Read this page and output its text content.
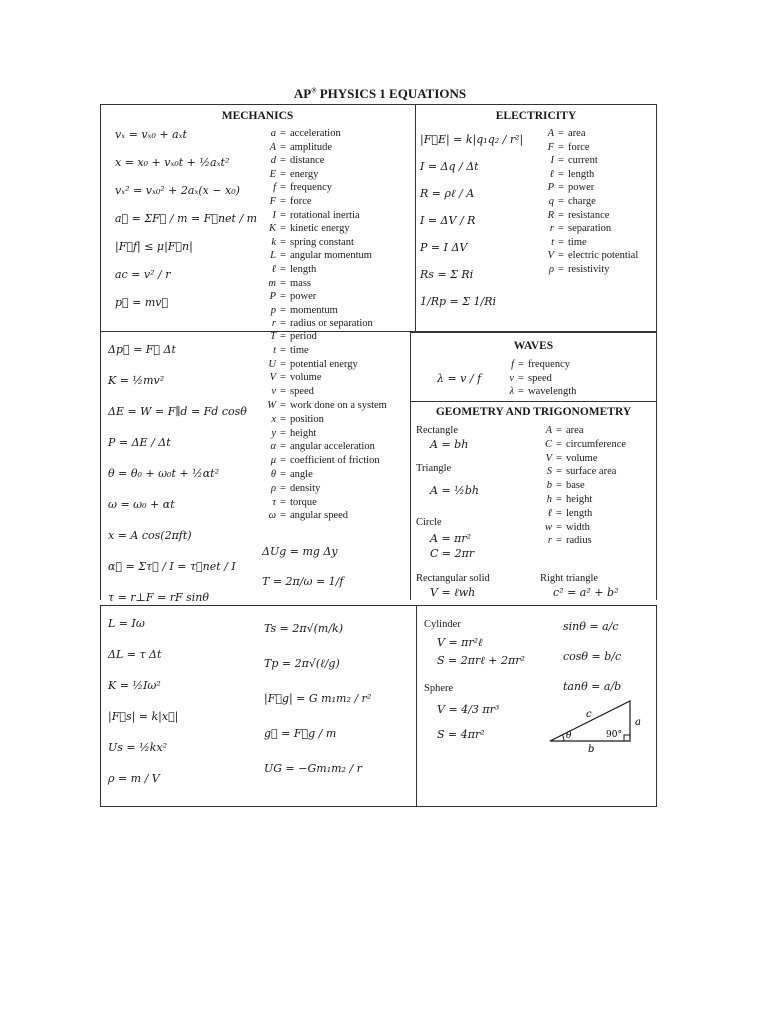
AP® PHYSICS 1 EQUATIONS
MECHANICS	ELECTRICITY
vₓ = vₓ₀ + aₓt
x = x₀ + vₓ₀t + ½aₓt²
vₓ² = vₓ₀² + 2aₓ(x − x₀)
a⃗ = ΣF⃗ / m = F⃗net / m
|F⃗f| ≤ μ|F⃗n|
ac = v² / r
p⃗ = mv⃗
a = acceleration
A = amplitude
d = distance
E = energy
f = frequency
F = force
I = rotational inertia
K = kinetic energy
k = spring constant
L = angular momentum
ℓ = length
m = mass
P = power
p = momentum
r = radius or separation
T = period
t = time
U = potential energy
V = volume
v = speed
W = work done on a system
x = position
y = height
α = angular acceleration
μ = coefficient of friction
θ = angle
ρ = density
τ = torque
ω = angular speed
|F⃗E| = k|q₁q₂ / r²|
I = Δq / Δt
R = ρℓ / A
I = ΔV / R
P = I ΔV
Rs = Σ Ri
1/Rp = Σ 1/Ri
A = area
F = force
I = current
ℓ = length
P = power
q = charge
R = resistance
r = separation
t = time
V = electric potential
ρ = resistivity
Δp⃗ = F⃗ Δt
K = ½mv²
ΔE = W = F∥d = Fd cosθ
P = ΔE / Δt
θ = θ₀ + ω₀t + ½αt²
ω = ω₀ + αt
x = A cos(2πft)
α⃗ = Στ⃗ / I = τ⃗net / I
τ = r⊥F = rF sinθ
ΔUg = mg Δy
T = 2π/ω = 1/f
WAVES
λ = v / f
f = frequency
v = speed
λ = wavelength
GEOMETRY AND TRIGONOMETRY
Rectangle
A = bh
Triangle
A = ½bh
Circle
A = πr²
C = 2πr
Rectangular solid
V = ℓwh
Right triangle
c² = a² + b²
A = area
C = circumference
V = volume
S = surface area
b = base
h = height
ℓ = length
w = width
r = radius
L = Iω
ΔL = τ Δt
K = ½Iω²
|F⃗s| = k|x⃗|
Us = ½kx²
ρ = m / V
Ts = 2π√(m/k)
Tp = 2π√(ℓ/g)
|F⃗g| = G m₁m₂ / r²
g⃗ = F⃗g / m
UG = −Gm₁m₂ / r
Cylinder
V = πr²ℓ
S = 2πrℓ + 2πr²
Sphere
V = 4/3 πr³
S = 4πr²
sinθ = a/c
cosθ = b/c
tanθ = a/b
c
a
b
θ	90°
